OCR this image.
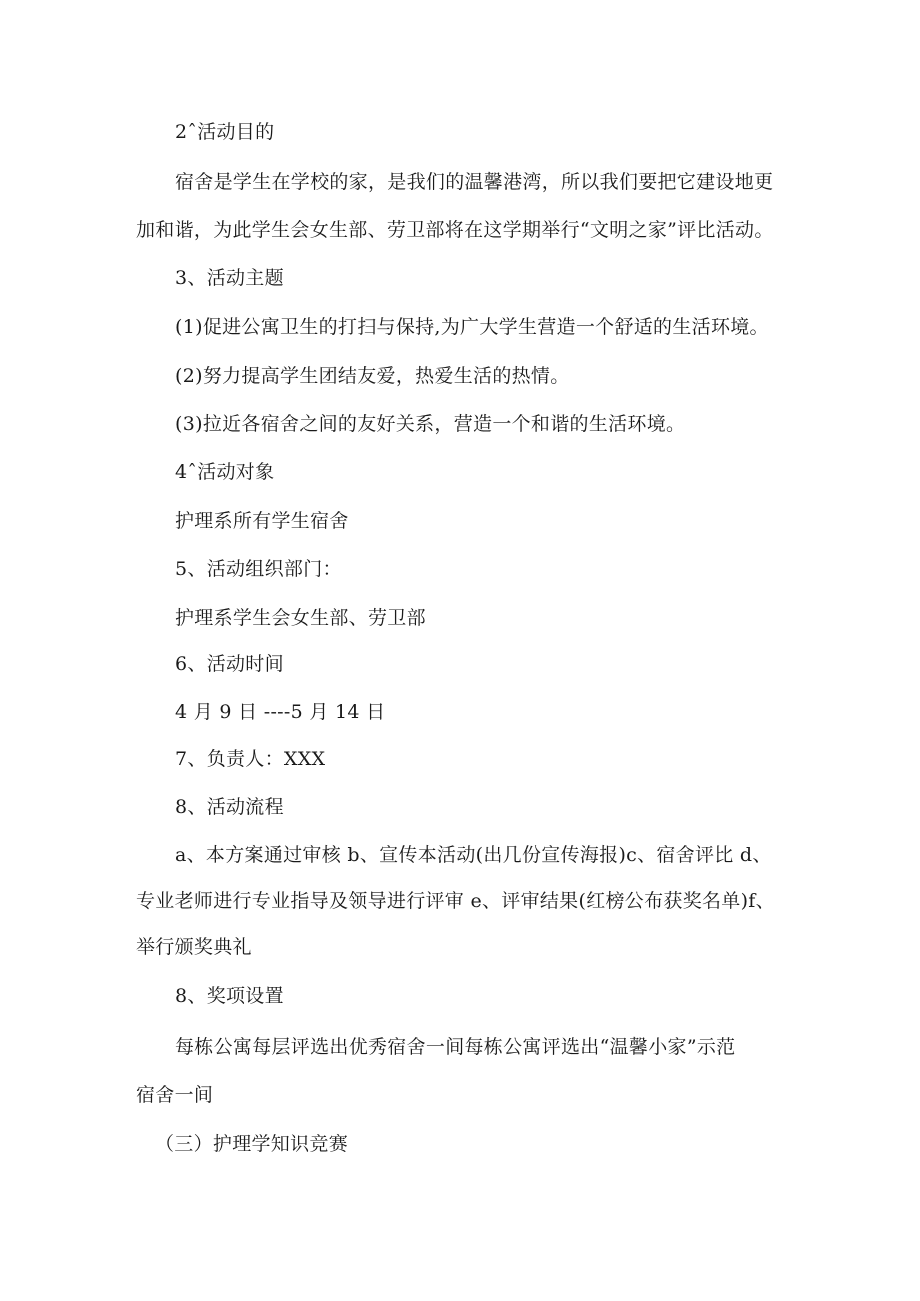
2ˆ活动目的
宿舍是学生在学校的家，是我们的温馨港湾，所以我们要把它建设地更
加和谐，为此学生会女生部、劳卫部将在这学期举行“文明之家”评比活动。
3、活动主题
(1)促进公寓卫生的打扫与保持,为广大学生营造一个舒适的生活环境。
(2)努力提高学生团结友爱，热爱生活的热情。
(3)拉近各宿舍之间的友好关系，营造一个和谐的生活环境。
4ˆ活动对象
护理系所有学生宿舍
5、活动组织部门：
护理系学生会女生部、劳卫部
6、活动时间
4 月 9 日 ----5 月 14 日
7、负责人：XXX
8、活动流程
a、本方案通过审核 b、宣传本活动(出几份宣传海报)c、宿舍评比 d、
专业老师进行专业指导及领导进行评审 e、评审结果(红榜公布获奖名单)f、
举行颁奖典礼
8、奖项设置
每栋公寓每层评选出优秀宿舍一间每栋公寓评选出“温馨小家”示范
宿舍一间
（三）护理学知识竞赛
